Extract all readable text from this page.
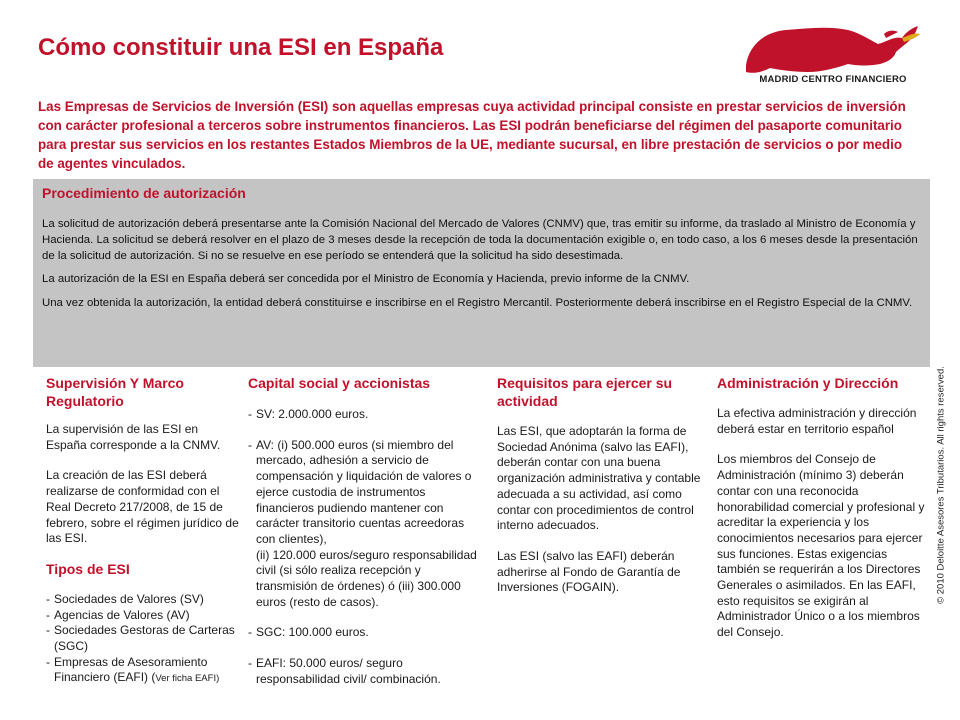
Cómo constituir una ESI en España
MADRID CENTRO FINANCIERO

Las Empresas de Servicios de Inversión (ESI) son aquellas empresas cuya actividad principal consiste en prestar servicios de inversión con carácter profesional a terceros sobre instrumentos financieros. Las ESI podrán beneficiarse del régimen del pasaporte comunitario para prestar sus servicios en los restantes Estados Miembros de la UE, mediante sucursal, en libre prestación de servicios o por medio de agentes vinculados.

Procedimiento de autorización

La solicitud de autorización deberá presentarse ante la Comisión Nacional del Mercado de Valores (CNMV) que, tras emitir su informe, da traslado al Ministro de Economía y Hacienda. La solicitud se deberá resolver en el plazo de 3 meses desde la recepción de toda la documentación exigible o, en todo caso, a los 6 meses desde la presentación de la solicitud de autorización. Si no se resuelve en ese período se entenderá que la solicitud ha sido desestimada.

La autorización de la ESI en España deberá ser concedida por el Ministro de Economía y Hacienda, previo informe de la CNMV.

Una vez obtenida la autorización, la entidad deberá constituirse e inscribirse en el Registro Mercantil. Posteriormente deberá inscribirse en el Registro Especial de la CNMV.

Supervisión Y Marco Regulatorio

La supervisión de las ESI en España corresponde a la CNMV.

La creación de las ESI deberá realizarse de conformidad con el Real Decreto 217/2008, de 15 de febrero, sobre el régimen jurídico de las ESI.

Tipos de ESI
- Sociedades de Valores (SV)
- Agencias de Valores (AV)
- Sociedades Gestoras de Carteras (SGC)
- Empresas de Asesoramiento Financiero (EAFI) (Ver ficha EAFI)
Capital social y accionistas
- SV: 2.000.000 euros.
- AV: (i) 500.000 euros (si miembro del mercado, adhesión a servicio de compensación y liquidación de valores o ejerce custodia de instrumentos financieros pudiendo mantener con carácter transitorio cuentas acreedoras con clientes),
(ii) 120.000 euros/seguro responsabilidad civil (si sólo realiza recepción y transmisión de órdenes) ó (iii) 300.000 euros (resto de casos).
- SGC: 100.000 euros.
- EAFI: 50.000 euros/ seguro responsabilidad civil/ combinación.
Requisitos para ejercer su actividad

Las ESI, que adoptarán la forma de Sociedad Anónima (salvo las EAFI), deberán contar con una buena organización administrativa y contable adecuada a su actividad, así como contar con procedimientos de control interno adecuados.

Las ESI (salvo las EAFI) deberán adherirse al Fondo de Garantía de Inversiones (FOGAIN).

Administración y Dirección

La efectiva administración y dirección deberá estar en territorio español

Los miembros del Consejo de Administración (mínimo 3) deberán contar con una reconocida honorabilidad comercial y profesional y acreditar la experiencia y los conocimientos necesarios para ejercer sus funciones. Estas exigencias también se requerirán a los Directores Generales o asimilados. En las EAFI, esto requisitos se exigirán al Administrador Único o a los miembros del Consejo.

© 2010 Deloitte Asesores Tributarios. All rights reserved.
